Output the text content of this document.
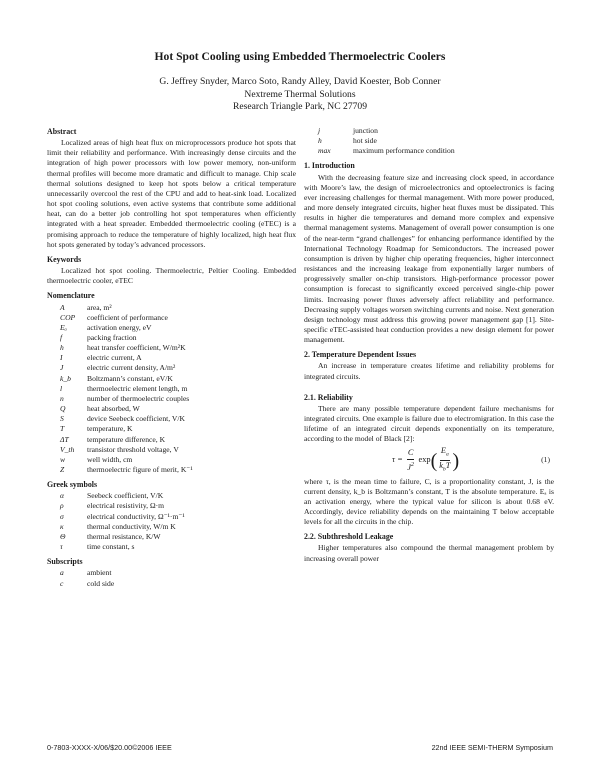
Hot Spot Cooling using Embedded Thermoelectric Coolers
G. Jeffrey Snyder, Marco Soto, Randy Alley, David Koester, Bob Conner
Nextreme Thermal Solutions
Research Triangle Park, NC 27709
Abstract

Localized areas of high heat flux on microprocessors produce hot spots that limit their reliability and performance. With increasingly dense circuits and the integration of high power processors with low power memory, non-uniform thermal profiles will become more dramatic and difficult to manage. Chip scale thermal solutions designed to keep hot spots below a critical temperature unnecessarily overcool the rest of the CPU and add to heat-sink load. Localized hot spot cooling solutions, even active systems that contribute some additional heat, can do a better job controlling hot spot temperatures when efficiently integrated with a heat spreader. Embedded thermoelectric cooling (eTEC) is a promising approach to reduce the temperature of highly localized, high heat flux hot spots generated by today’s advanced processors.

Keywords

Localized hot spot cooling. Thermoelectric, Peltier Cooling. Embedded thermoelectric cooler, eTEC

Nomenclature
A	area, m²
COP	coefficient of performance
Eₐ	activation energy, eV
f	packing fraction
h	heat transfer coefficient, W/m²K
I	electric current, A
J	electric current density, A/m²
k_b	Boltzmann’s constant, eV/K
l	thermoelectric element length, m
n	number of thermoelectric couples
Q	heat absorbed, W
S	device Seebeck coefficient, V/K
T	temperature, K
ΔT	temperature difference, K
V_th	transistor threshold voltage, V
w	well width, cm
Z	thermoelectric figure of merit, K⁻¹
Greek symbols
α	Seebeck coefficient, V/K
ρ	electrical resistivity, Ω·m
σ	electrical conductivity, Ω⁻¹·m⁻¹
κ	thermal conductivity, W/m K
Θ	thermal resistance, K/W
τ	time constant, s
Subscripts
a	ambient
c	cold side
j	junction
h	hot side
max	maximum performance condition
1. Introduction

With the decreasing feature size and increasing clock speed, in accordance with Moore’s law, the design of microelectronics and optoelectronics is facing ever increasing challenges for thermal management. With more power produced, and more densely integrated circuits, higher heat fluxes must be dissipated. This results in higher die temperatures and demand more complex and expensive thermal management systems. Management of overall power consumption is one of the near-term “grand challenges” for enhancing performance identified by the International Technology Roadmap for Semiconductors. The increased power consumption is driven by higher chip operating frequencies, higher interconnect resistances and the increasing leakage from exponentially larger numbers of progressively smaller on-chip transistors. High-performance processor power consumption is forecast to significantly exceed perceived single-chip power limits. Increasing power fluxes adversely affect reliability and performance. Decreasing supply voltages worsen switching currents and noise. Next generation design technology must address this growing power management gap [1]. Site-specific eTEC-assisted heat conduction provides a new design element for power management.

2. Temperature Dependent Issues

An increase in temperature creates lifetime and reliability problems for integrated circuits.

2.1. Reliability

There are many possible temperature dependent failure mechanisms for integrated circuits. One example is failure due to electromigration. In this case the lifetime of an integrated circuit depends exponentially on its temperature, according to the model of Black [2]:

$\tau = \frac{C}{J^2}$ exp ( $\frac{E_a}{k_bT}$ )	(1)

where τ, is the mean time to failure, C, is a proportionality constant, J, is the current density, k_b is Boltzmann’s constant, T is the absolute temperature. Eₐ is an activation energy, where the typical value for silicon is about 0.68 eV. Accordingly, device reliability depends on the maintaining T below acceptable levels for all the circuits in the chip.

2.2. Subthreshold Leakage

Higher temperatures also compound the thermal management problem by increasing overall power

0-7803-XXXX-X/06/$20.00©2006 IEEE	22nd IEEE SEMI-THERM Symposium
